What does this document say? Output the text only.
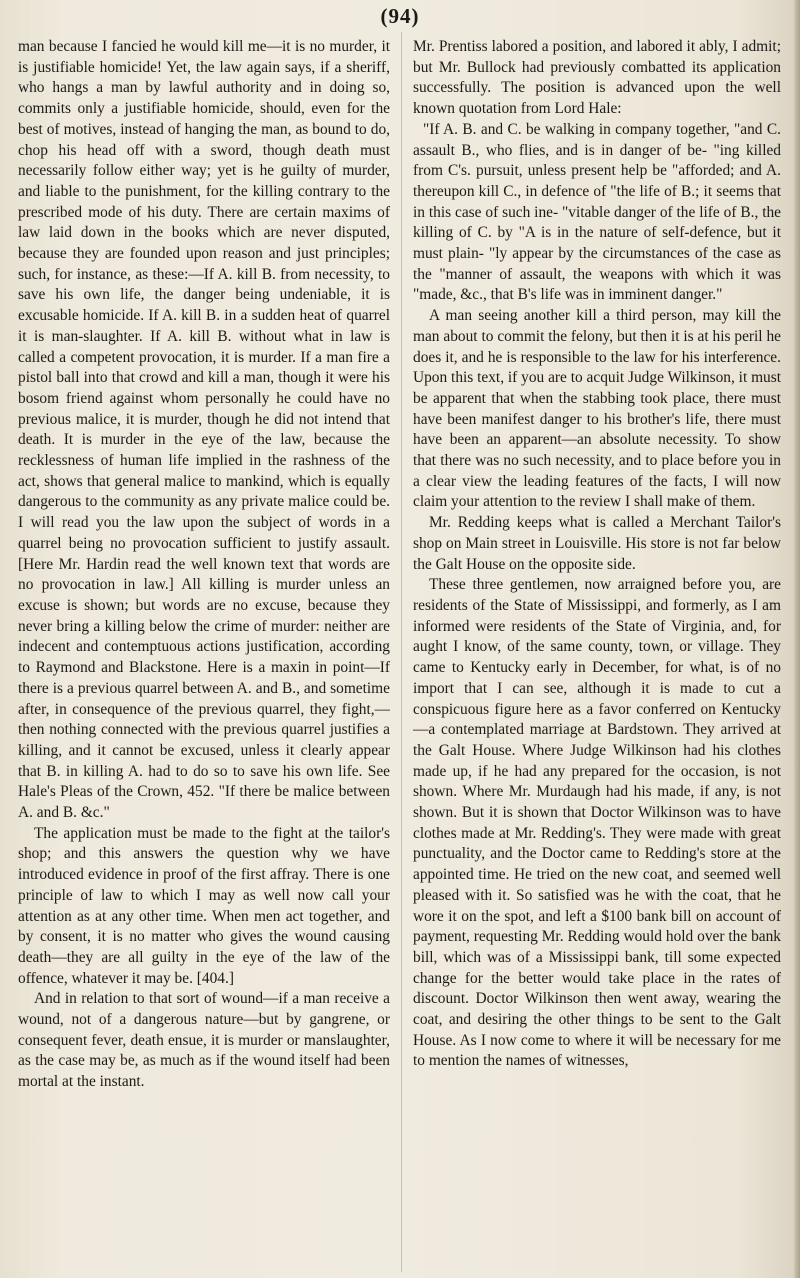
(94)

man because I fancied he would kill me—it is no murder, it is justifiable homicide! Yet, the law again says, if a sheriff, who hangs a man by lawful authority and in doing so, commits only a justifiable homicide, should, even for the best of motives, instead of hanging the man, as bound to do, chop his head off with a sword, though death must necessarily follow either way; yet is he guilty of murder, and liable to the punishment, for the killing contrary to the prescribed mode of his duty. There are certain maxims of law laid down in the books which are never disputed, because they are founded upon reason and just principles; such, for instance, as these:—If A. kill B. from necessity, to save his own life, the danger being undeniable, it is excusable homicide. If A. kill B. in a sudden heat of quarrel it is man-slaughter. If A. kill B. without what in law is called a competent provocation, it is murder. If a man fire a pistol ball into that crowd and kill a man, though it were his bosom friend against whom personally he could have no previous malice, it is murder, though he did not intend that death. It is murder in the eye of the law, because the recklessness of human life implied in the rashness of the act, shows that general malice to mankind, which is equally dangerous to the community as any private malice could be. I will read you the law upon the subject of words in a quarrel being no provocation sufficient to justify assault. [Here Mr. Hardin read the well known text that words are no provocation in law.] All killing is murder unless an excuse is shown; but words are no excuse, because they never bring a killing below the crime of murder: neither are indecent and contemptuous actions justification, according to Raymond and Blackstone. Here is a maxin in point—If there is a previous quarrel between A. and B., and sometime after, in consequence of the previous quarrel, they fight,—then nothing connected with the previous quarrel justifies a killing, and it cannot be excused, unless it clearly appear that B. in killing A. had to do so to save his own life. See Hale's Pleas of the Crown, 452. "If there be malice between A. and B. &c."

The application must be made to the fight at the tailor's shop; and this answers the question why we have introduced evidence in proof of the first affray. There is one principle of law to which I may as well now call your attention as at any other time. When men act together, and by consent, it is no matter who gives the wound causing death—they are all guilty in the eye of the law of the offence, whatever it may be. [404.]

And in relation to that sort of wound—if a man receive a wound, not of a dangerous nature—but by gangrene, or consequent fever, death ensue, it is murder or manslaughter, as the case may be, as much as if the wound itself had been mortal at the instant.

Mr. Prentiss labored a position, and labored it ably, I admit; but Mr. Bullock had previously combatted its application successfully. The position is advanced upon the well known quotation from Lord Hale:

"If A. B. and C. be walking in company together, "and C. assault B., who flies, and is in danger of be- "ing killed from C's. pursuit, unless present help be "afforded; and A. thereupon kill C., in defence of "the life of B.; it seems that in this case of such ine- "vitable danger of the life of B., the killing of C. by "A is in the nature of self-defence, but it must plain- "ly appear by the circumstances of the case as the "manner of assault, the weapons with which it was "made, &c., that B's life was in imminent danger."

A man seeing another kill a third person, may kill the man about to commit the felony, but then it is at his peril he does it, and he is responsible to the law for his interference. Upon this text, if you are to acquit Judge Wilkinson, it must be apparent that when the stabbing took place, there must have been manifest danger to his brother's life, there must have been an apparent—an absolute necessity. To show that there was no such necessity, and to place before you in a clear view the leading features of the facts, I will now claim your attention to the review I shall make of them.

Mr. Redding keeps what is called a Merchant Tailor's shop on Main street in Louisville. His store is not far below the Galt House on the opposite side.

These three gentlemen, now arraigned before you, are residents of the State of Mississippi, and formerly, as I am informed were residents of the State of Virginia, and, for aught I know, of the same county, town, or village. They came to Kentucky early in December, for what, is of no import that I can see, although it is made to cut a conspicuous figure here as a favor conferred on Kentucky—a contemplated marriage at Bardstown. They arrived at the Galt House. Where Judge Wilkinson had his clothes made up, if he had any prepared for the occasion, is not shown. Where Mr. Murdaugh had his made, if any, is not shown. But it is shown that Doctor Wilkinson was to have clothes made at Mr. Redding's. They were made with great punctuality, and the Doctor came to Redding's store at the appointed time. He tried on the new coat, and seemed well pleased with it. So satisfied was he with the coat, that he wore it on the spot, and left a $100 bank bill on account of payment, requesting Mr. Redding would hold over the bank bill, which was of a Mississippi bank, till some expected change for the better would take place in the rates of discount. Doctor Wilkinson then went away, wearing the coat, and desiring the other things to be sent to the Galt House. As I now come to where it will be necessary for me to mention the names of witnesses,
